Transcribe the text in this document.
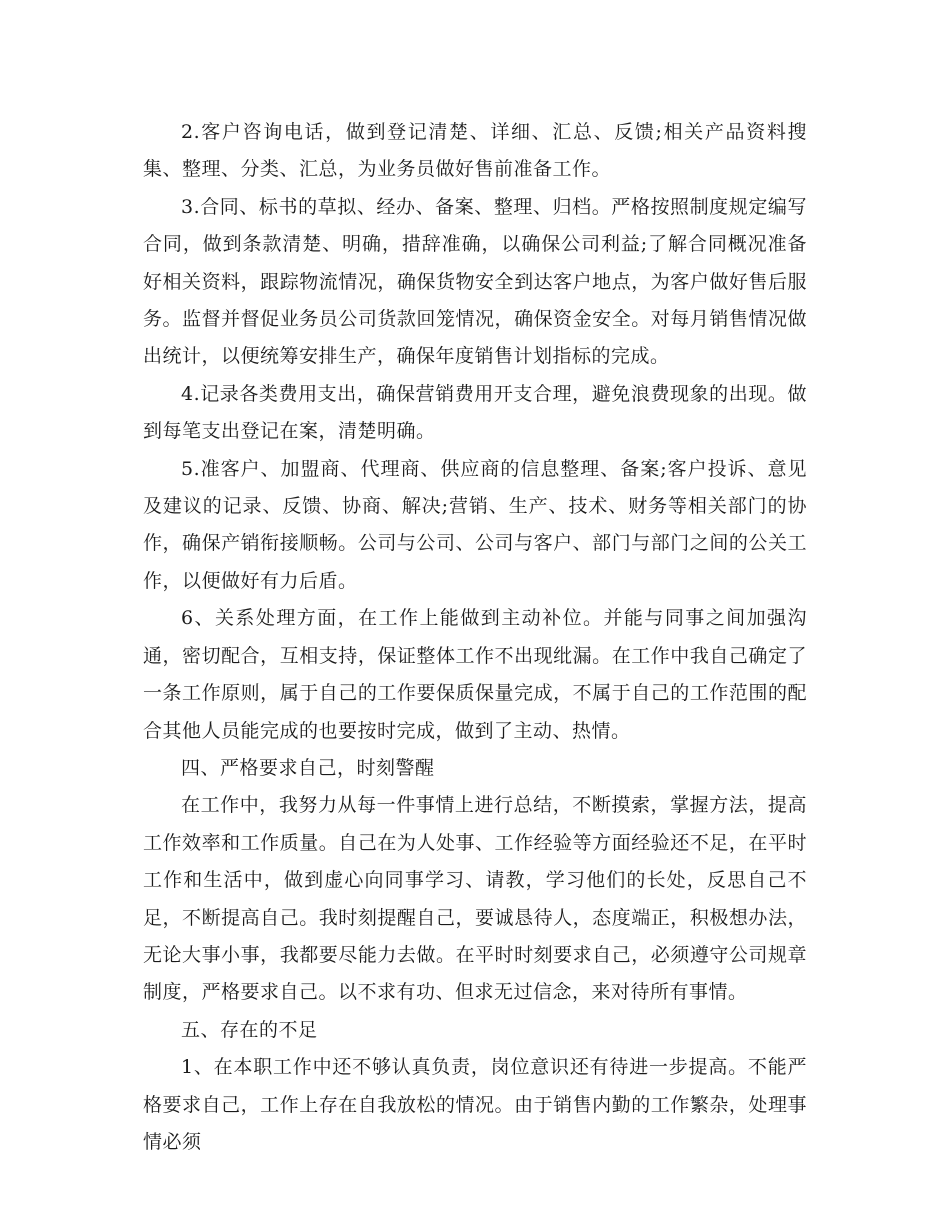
2.客户咨询电话，做到登记清楚、详细、汇总、反馈;相关产品资料搜集、整理、分类、汇总，为业务员做好售前准备工作。

3.合同、标书的草拟、经办、备案、整理、归档。严格按照制度规定编写合同，做到条款清楚、明确，措辞准确，以确保公司利益;了解合同概况准备好相关资料，跟踪物流情况，确保货物安全到达客户地点，为客户做好售后服务。监督并督促业务员公司货款回笼情况，确保资金安全。对每月销售情况做出统计，以便统筹安排生产，确保年度销售计划指标的完成。

4.记录各类费用支出，确保营销费用开支合理，避免浪费现象的出现。做到每笔支出登记在案，清楚明确。

5.准客户、加盟商、代理商、供应商的信息整理、备案;客户投诉、意见及建议的记录、反馈、协商、解决;营销、生产、技术、财务等相关部门的协作，确保产销衔接顺畅。公司与公司、公司与客户、部门与部门之间的公关工作，以便做好有力后盾。

6、关系处理方面，在工作上能做到主动补位。并能与同事之间加强沟通，密切配合，互相支持，保证整体工作不出现纰漏。在工作中我自己确定了一条工作原则，属于自己的工作要保质保量完成，不属于自己的工作范围的配合其他人员能完成的也要按时完成，做到了主动、热情。

四、严格要求自己，时刻警醒

在工作中，我努力从每一件事情上进行总结，不断摸索，掌握方法，提高工作效率和工作质量。自己在为人处事、工作经验等方面经验还不足，在平时工作和生活中，做到虚心向同事学习、请教，学习他们的长处，反思自己不足，不断提高自己。我时刻提醒自己，要诚恳待人，态度端正，积极想办法，无论大事小事，我都要尽能力去做。在平时时刻要求自己，必须遵守公司规章制度，严格要求自己。以不求有功、但求无过信念，来对待所有事情。

五、存在的不足

1、在本职工作中还不够认真负责，岗位意识还有待进一步提高。不能严格要求自己，工作上存在自我放松的情况。由于销售内勤的工作繁杂，处理事情必须
